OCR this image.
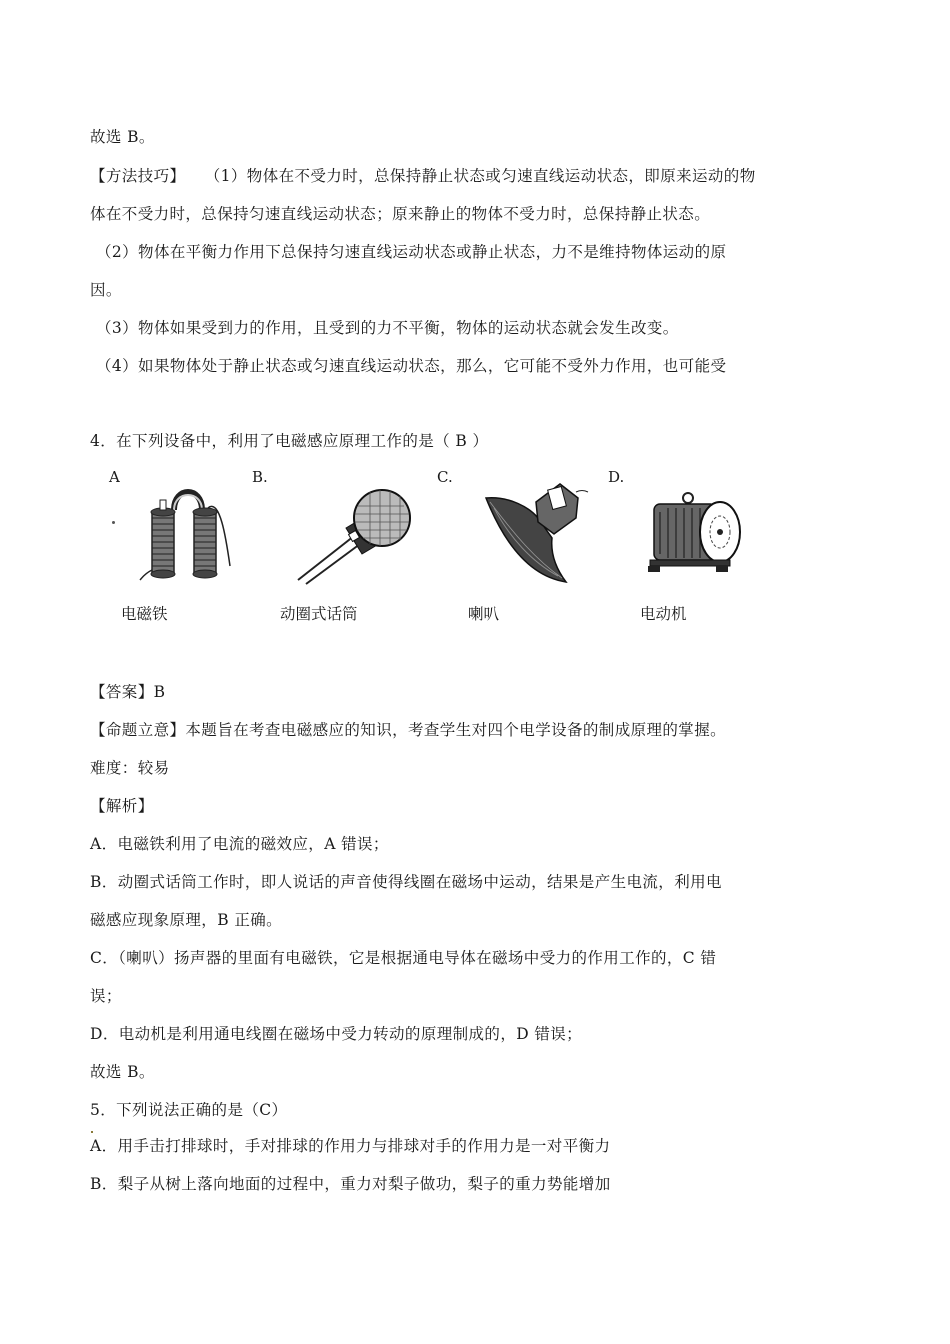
故选 B。
【方法技巧】 （1）物体在不受力时，总保持静止状态或匀速直线运动状态，即原来运动的物
体在不受力时，总保持匀速直线运动状态；原来静止的物体不受力时，总保持静止状态。
（2）物体在平衡力作用下总保持匀速直线运动状态或静止状态，力不是维持物体运动的原
因。
（3）物体如果受到力的作用，且受到的力不平衡，物体的运动状态就会发生改变。
（4）如果物体处于静止状态或匀速直线运动状态，那么，它可能不受外力作用，也可能受
4．在下列设备中，利用了电磁感应原理工作的是（ B ）
A	B.	C.	D.
电磁铁	动圈式话筒	喇叭	电动机
【答案】B
【命题立意】本题旨在考查电磁感应的知识，考查学生对四个电学设备的制成原理的掌握。
难度：较易
【解析】
A．电磁铁利用了电流的磁效应，A 错误；
B．动圈式话筒工作时，即人说话的声音使得线圈在磁场中运动，结果是产生电流，利用电
磁感应现象原理，B 正确。
C．（喇叭）扬声器的里面有电磁铁，它是根据通电导体在磁场中受力的作用工作的，C 错
误；
D．电动机是利用通电线圈在磁场中受力转动的原理制成的，D 错误；
故选 B。
5．下列说法正确的是（C）
A．用手击打排球时，手对排球的作用力与排球对手的作用力是一对平衡力
B．梨子从树上落向地面的过程中，重力对梨子做功，梨子的重力势能增加
